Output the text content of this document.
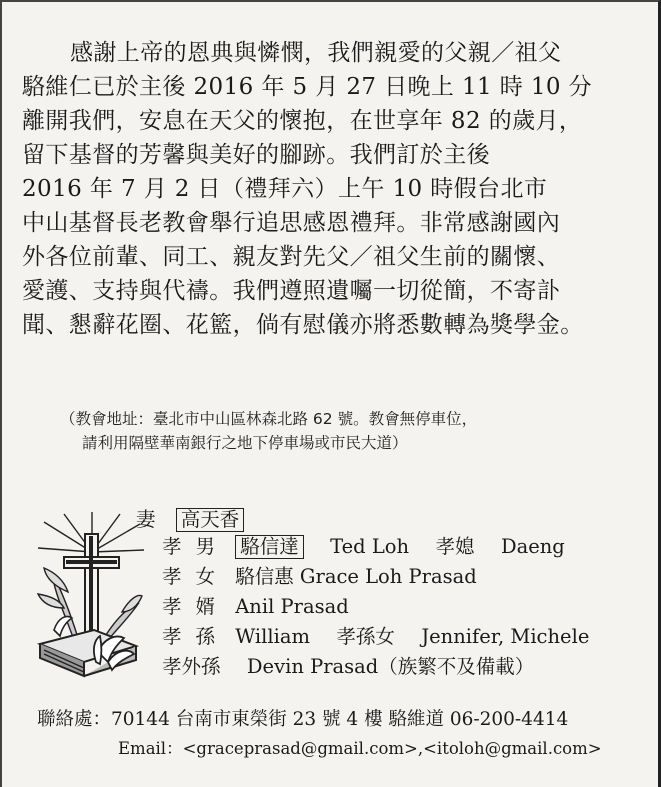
感謝上帝的恩典與憐憫，我們親愛的父親／祖父

駱維仁已於主後 2016 年 5 月 27 日晚上 11 時 10 分

離開我們，安息在天父的懷抱，在世享年 82 的歲月，

留下基督的芳馨與美好的腳跡。我們訂於主後

2016 年 7 月 2 日（禮拜六）上午 10 時假台北市

中山基督長老教會舉行追思感恩禮拜。非常感謝國內

外各位前輩、同工、親友對先父／祖父生前的關懷、

愛護、支持與代禱。我們遵照遺囑一切從簡，不寄訃

聞、懇辭花圈、花籃，倘有慰儀亦將悉數轉為獎學金。

（教會地址：臺北市中山區林森北路 62 號。教會無停車位，
請利用隔壁華南銀行之地下停車場或市民大道）
妻 高天香
孝男 駱信達 Ted Loh 孝媳 Daeng
孝女 駱信惠 Grace Loh Prasad
孝婿 Anil Prasad
孝孫 William 孝孫女 Jennifer, Michele
孝外孫 Devin Prasad（族繁不及備載）
聯絡處：70144 台南市東榮街 23 號 4 樓 駱維道 06-200-4414
Email：<graceprasad@gmail.com>,<itoloh@gmail.com>
